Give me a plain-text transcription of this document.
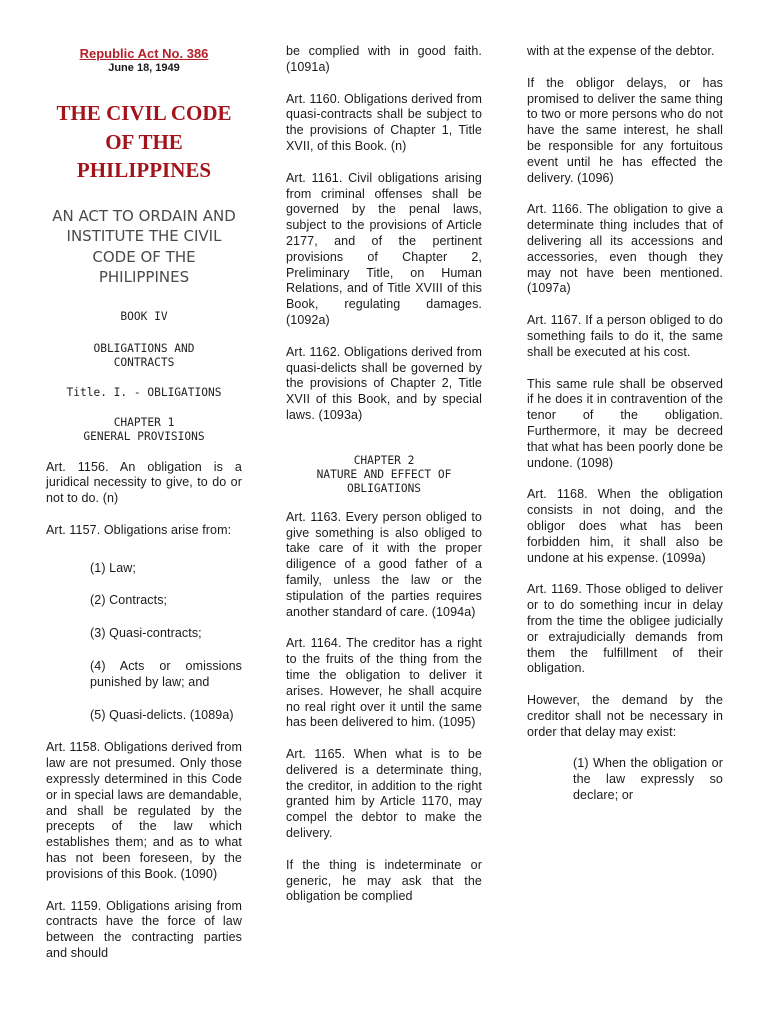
Republic Act No. 386
June 18, 1949
THE CIVIL CODE
OF THE
PHILIPPINES
AN ACT TO ORDAIN AND
INSTITUTE THE CIVIL
CODE OF THE
PHILIPPINES
BOOK IV
OBLIGATIONS AND
CONTRACTS
Title. I. - OBLIGATIONS
CHAPTER 1
GENERAL PROVISIONS

Art. 1156. An obligation is a juridical necessity to give, to do or not to do. (n)

Art. 1157. Obligations arise from:

(1) Law;

(2) Contracts;

(3) Quasi-contracts;

(4) Acts or omissions punished by law; and

(5) Quasi-delicts. (1089a)

Art. 1158. Obligations derived from law are not presumed. Only those expressly determined in this Code or in special laws are demandable, and shall be regulated by the precepts of the law which establishes them; and as to what has not been foreseen, by the provisions of this Book. (1090)

Art. 1159. Obligations arising from contracts have the force of law between the contracting parties and should

be complied with in good faith. (1091a)

Art. 1160. Obligations derived from quasi-contracts shall be subject to the provisions of Chapter 1, Title XVII, of this Book. (n)

Art. 1161. Civil obligations arising from criminal offenses shall be governed by the penal laws, subject to the provisions of Article 2177, and of the pertinent provisions of Chapter 2, Preliminary Title, on Human Relations, and of Title XVIII of this Book, regulating damages. (1092a)

Art. 1162. Obligations derived from quasi-delicts shall be governed by the provisions of Chapter 2, Title XVII of this Book, and by special laws. (1093a)

CHAPTER 2
NATURE AND EFFECT OF
OBLIGATIONS

Art. 1163. Every person obliged to give something is also obliged to take care of it with the proper diligence of a good father of a family, unless the law or the stipulation of the parties requires another standard of care. (1094a)

Art. 1164. The creditor has a right to the fruits of the thing from the time the obligation to deliver it arises. However, he shall acquire no real right over it until the same has been delivered to him. (1095)

Art. 1165. When what is to be delivered is a determinate thing, the creditor, in addition to the right granted him by Article 1170, may compel the debtor to make the delivery.

If the thing is indeterminate or generic, he may ask that the obligation be complied

with at the expense of the debtor.

If the obligor delays, or has promised to deliver the same thing to two or more persons who do not have the same interest, he shall be responsible for any fortuitous event until he has effected the delivery. (1096)

Art. 1166. The obligation to give a determinate thing includes that of delivering all its accessions and accessories, even though they may not have been mentioned. (1097a)

Art. 1167. If a person obliged to do something fails to do it, the same shall be executed at his cost.

This same rule shall be observed if he does it in contravention of the tenor of the obligation. Furthermore, it may be decreed that what has been poorly done be undone. (1098)

Art. 1168. When the obligation consists in not doing, and the obligor does what has been forbidden him, it shall also be undone at his expense. (1099a)

Art. 1169. Those obliged to deliver or to do something incur in delay from the time the obligee judicially or extrajudicially demands from them the fulfillment of their obligation.

However, the demand by the creditor shall not be necessary in order that delay may exist:

(1) When the obligation or the law expressly so declare; or
